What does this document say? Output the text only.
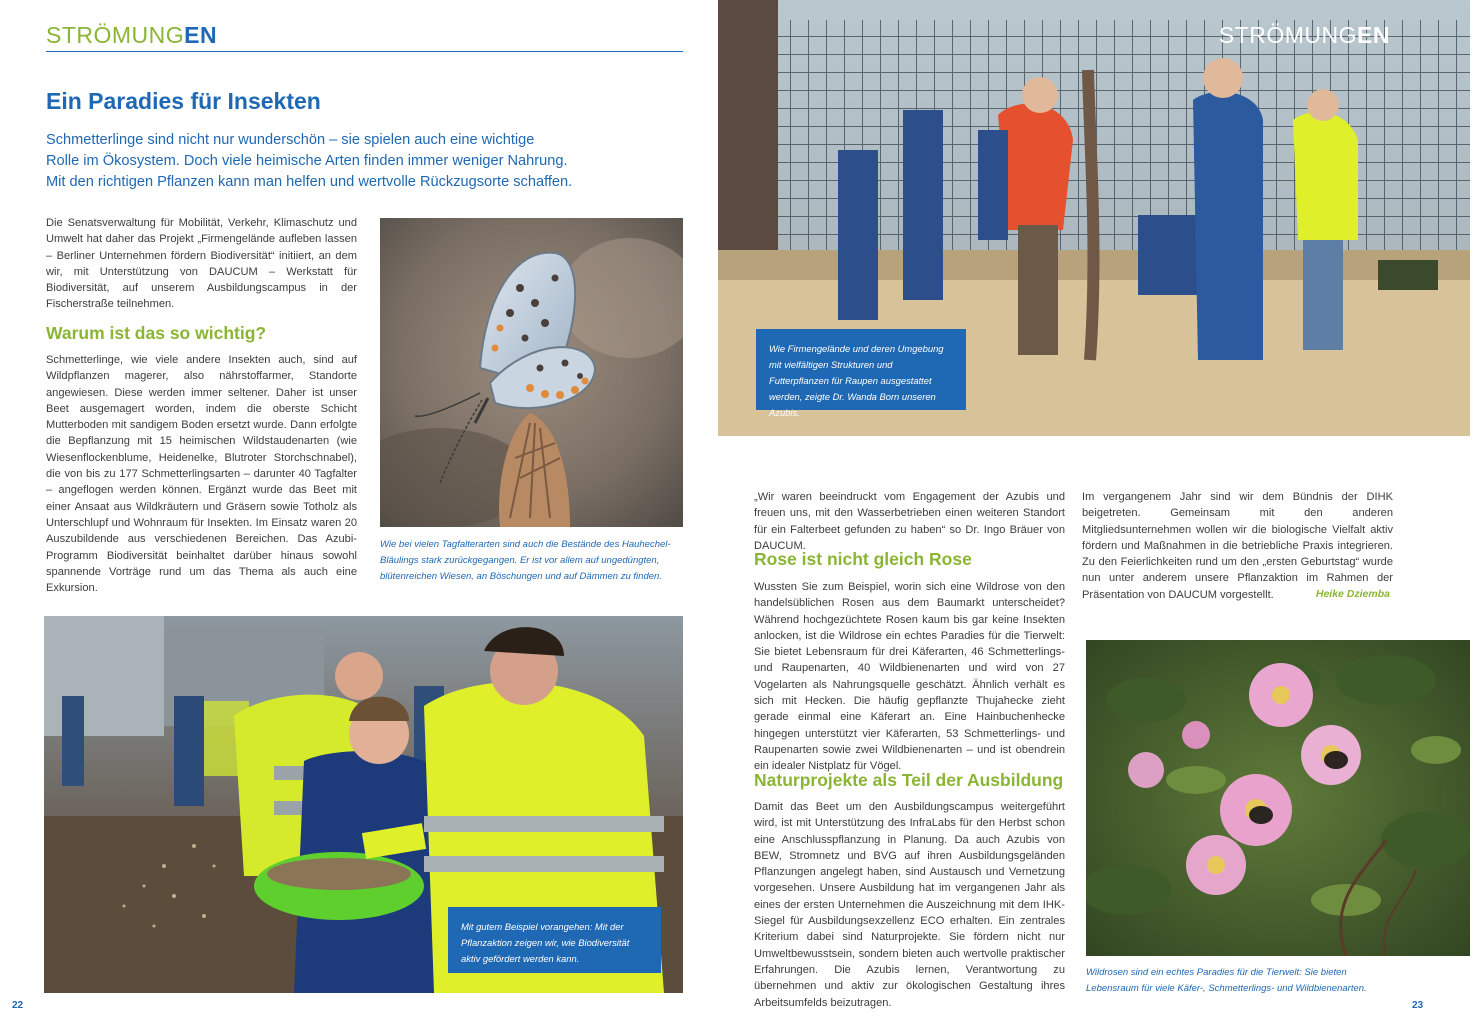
STRÖMUNGEN
Ein Paradies für Insekten
Schmetterlinge sind nicht nur wunderschön – sie spielen auch eine wichtige
Rolle im Ökosystem. Doch viele heimische Arten finden immer weniger Nahrung.
Mit den richtigen Pflanzen kann man helfen und wertvolle Rückzugsorte schaffen.
Die Senatsverwaltung für Mobilität, Verkehr, Klimaschutz und Umwelt hat daher das Projekt „Firmengelände aufleben lassen – Berliner Unternehmen fördern Biodiversität“ initiiert, an dem wir, mit Unterstützung von DAUCUM – Werkstatt für Biodiversität, auf unserem Ausbildungscampus in der Fischerstraße teilnehmen.
Warum ist das so wichtig?
Schmetterlinge, wie viele andere Insekten auch, sind auf Wildpflanzen magerer, also nährstoffarmer, Standorte angewiesen. Diese werden immer seltener. Daher ist unser Beet ausgemagert worden, indem die oberste Schicht Mutterboden mit sandigem Boden ersetzt wurde. Dann erfolgte die Bepflanzung mit 15 heimischen Wildstaudenarten (wie Wiesenflockenblume, Heidenelke, Blutroter Storchschnabel), die von bis zu 177 Schmetterlingsarten – darunter 40 Tagfalter – angeflogen werden können. Ergänzt wurde das Beet mit einer Ansaat aus Wildkräutern und Gräsern sowie Totholz als Unterschlupf und Wohnraum für Insekten. Im Einsatz waren 20 Auszubildende aus verschiedenen Bereichen. Das Azubi-Programm Biodiversität beinhaltet darüber hinaus sowohl spannende Vorträge rund um das Thema als auch eine Exkursion.
Wie bei vielen Tagfalterarten sind auch die Bestände des Hauhechel-Bläulings stark zurückgegangen. Er ist vor allem auf ungedüngten, blütenreichen Wiesen, an Böschungen und auf Dämmen zu finden.
Mit gutem Beispiel vorangehen: Mit der Pflanzaktion zeigen wir, wie Biodiversität aktiv gefördert werden kann.
22
STRÖMUNGEN
Wie Firmengelände und deren Umgebung mit vielfältigen Strukturen und Futterpflanzen für Raupen ausgestattet werden, zeigte Dr. Wanda Born unseren Azubis.
„Wir waren beeindruckt vom Engagement der Azubis und freuen uns, mit den Wasserbetrieben einen weiteren Standort für ein Falterbeet gefunden zu haben“ so Dr. Ingo Bräuer von DAUCUM.
Rose ist nicht gleich Rose
Wussten Sie zum Beispiel, worin sich eine Wildrose von den handelsüblichen Rosen aus dem Baumarkt unterscheidet? Während hochgezüchtete Rosen kaum bis gar keine Insekten anlocken, ist die Wildrose ein echtes Paradies für die Tierwelt: Sie bietet Lebensraum für drei Käferarten, 46 Schmetterlings- und Raupenarten, 40 Wildbienenarten und wird von 27 Vogelarten als Nahrungsquelle geschätzt. Ähnlich verhält es sich mit Hecken. Die häufig gepflanzte Thujahecke zieht gerade einmal eine Käferart an. Eine Hainbuchenhecke hingegen unterstützt vier Käferarten, 53 Schmetterlings- und Raupenarten sowie zwei Wildbienenarten – und ist obendrein ein idealer Nistplatz für Vögel.
Naturprojekte als Teil der Ausbildung
Damit das Beet um den Ausbildungscampus weitergeführt wird, ist mit Unterstützung des InfraLabs für den Herbst schon eine Anschlusspflanzung in Planung. Da auch Azubis von BEW, Stromnetz und BVG auf ihren Ausbildungsgeländen Pflanzungen angelegt haben, sind Austausch und Vernetzung vorgesehen. Unsere Ausbildung hat im vergangenen Jahr als eines der ersten Unternehmen die Auszeichnung mit dem IHK-Siegel für Ausbildungsexzellenz ECO erhalten. Ein zentrales Kriterium dabei sind Naturprojekte. Sie fördern nicht nur Umweltbewusstsein, sondern bieten auch wertvolle praktischer Erfahrungen. Die Azubis lernen, Verantwortung zu übernehmen und aktiv zur ökologischen Gestaltung ihres Arbeitsumfelds beizutragen.
Im vergangenem Jahr sind wir dem Bündnis der DIHK beigetreten. Gemeinsam mit den anderen Mitgliedsunternehmen wollen wir die biologische Vielfalt aktiv fördern und Maßnahmen in die betriebliche Praxis integrieren. Zu den Feierlichkeiten rund um den „ersten Geburtstag“ wurde nun unter anderem unsere Pflanzaktion im Rahmen der Präsentation von DAUCUM vorgestellt.	Heike Dziemba
Wildrosen sind ein echtes Paradies für die Tierwelt: Sie bieten Lebensraum für viele Käfer-, Schmetterlings- und Wildbienenarten.
23
